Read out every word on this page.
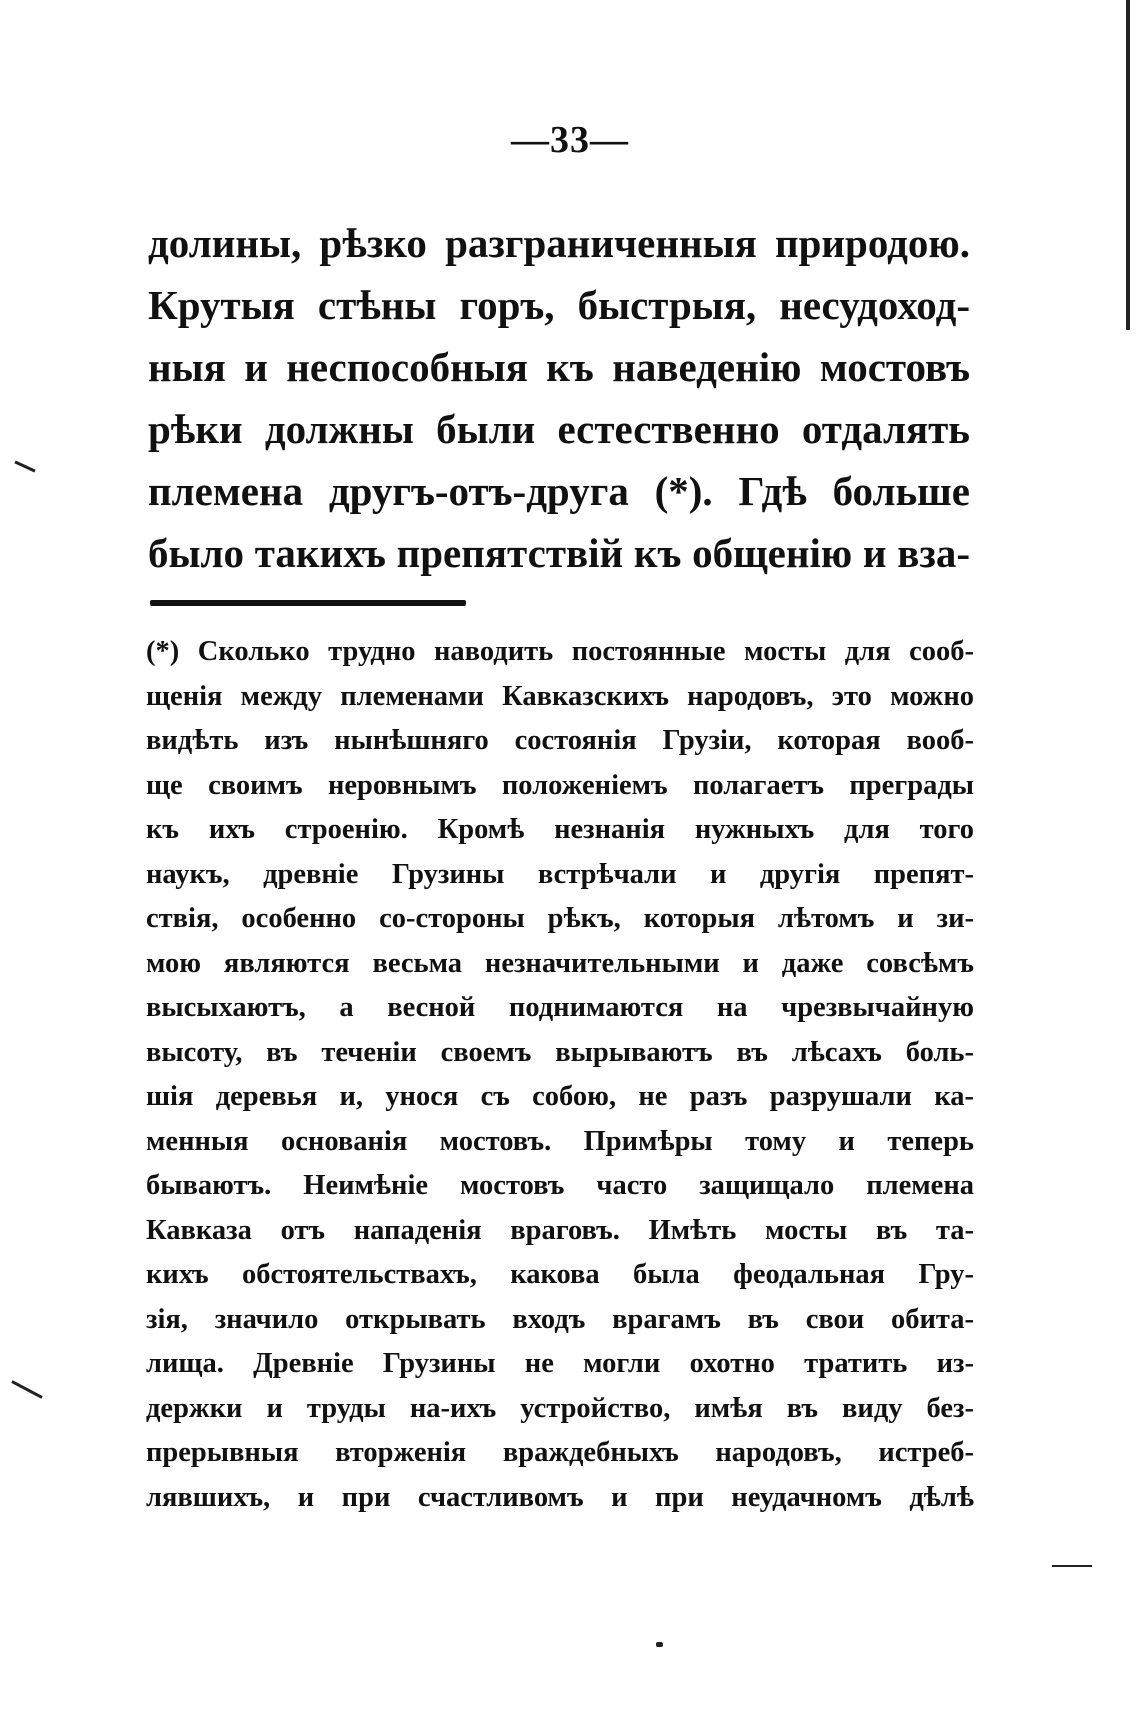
—33—
долины, рѣзко разграниченныя природою.
Крутыя стѣны горъ, быстрыя, несудоход-
ныя и неспособныя къ наведенію мостовъ
рѣки должны были естественно отдалять
племена другъ-отъ-друга (*). Гдѣ больше
было такихъ препятствій къ общенію и вза-
(*) Сколько трудно наводить постоянные мосты для сооб-
щенія между племенами Кавказскихъ народовъ, это можно
видѣть изъ нынѣшняго состоянія Грузіи, которая вооб-
ще своимъ неровнымъ положеніемъ полагаетъ преграды
къ ихъ строенію. Кромѣ незнанія нужныхъ для того
наукъ, древніе Грузины встрѣчали и другія препят-
ствія, особенно со-стороны рѣкъ, которыя лѣтомъ и зи-
мою являются весьма незначительными и даже совсѣмъ
высыхаютъ, а весной поднимаются на чрезвычайную
высоту, въ теченіи своемъ вырываютъ въ лѣсахъ боль-
шія деревья и, унося съ собою, не разъ разрушали ка-
менныя основанія мостовъ. Примѣры тому и теперь
бываютъ. Неимѣніе мостовъ часто защищало племена
Кавказа отъ нападенія враговъ. Имѣть мосты въ та-
кихъ обстоятельствахъ, какова была феодальная Гру-
зія, значило открывать входъ врагамъ въ свои обита-
лища. Древніе Грузины не могли охотно тратить из-
держки и труды на-ихъ устройство, имѣя въ виду без-
прерывныя вторженія враждебныхъ народовъ, истреб-
лявшихъ, и при счастливомъ и при неудачномъ дѣлѣ
